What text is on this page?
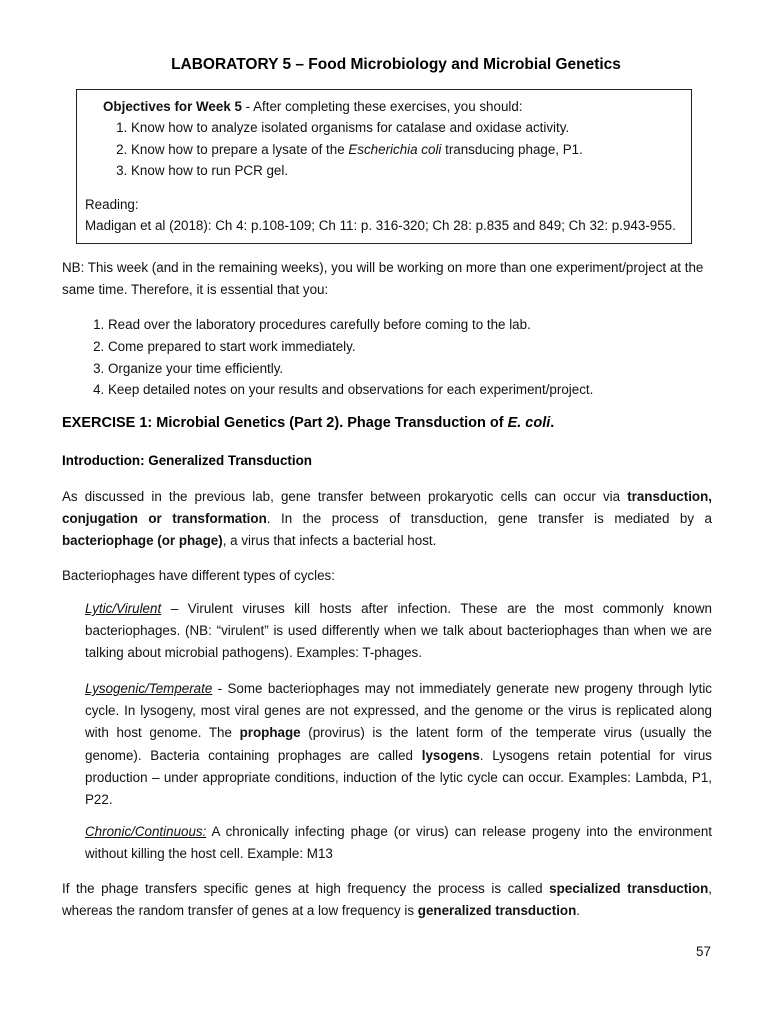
LABORATORY 5 – Food Microbiology and Microbial Genetics
Objectives for Week 5 - After completing these exercises, you should:
1. Know how to analyze isolated organisms for catalase and oxidase activity.
2. Know how to prepare a lysate of the Escherichia coli transducing phage, P1.
3. Know how to run PCR gel.
Reading:
Madigan et al (2018): Ch 4: p.108-109; Ch 11: p. 316-320; Ch 28: p.835 and 849; Ch 32: p.943-955.
NB: This week (and in the remaining weeks), you will be working on more than one experiment/project at the same time. Therefore, it is essential that you:
1. Read over the laboratory procedures carefully before coming to the lab.
2. Come prepared to start work immediately.
3. Organize your time efficiently.
4. Keep detailed notes on your results and observations for each experiment/project.
EXERCISE 1: Microbial Genetics (Part 2). Phage Transduction of E. coli.
Introduction: Generalized Transduction
As discussed in the previous lab, gene transfer between prokaryotic cells can occur via transduction, conjugation or transformation. In the process of transduction, gene transfer is mediated by a bacteriophage (or phage), a virus that infects a bacterial host.
Bacteriophages have different types of cycles:
Lytic/Virulent – Virulent viruses kill hosts after infection. These are the most commonly known bacteriophages. (NB: “virulent” is used differently when we talk about bacteriophages than when we are talking about microbial pathogens). Examples: T-phages.
Lysogenic/Temperate - Some bacteriophages may not immediately generate new progeny through lytic cycle. In lysogeny, most viral genes are not expressed, and the genome or the virus is replicated along with host genome. The prophage (provirus) is the latent form of the temperate virus (usually the genome). Bacteria containing prophages are called lysogens. Lysogens retain potential for virus production – under appropriate conditions, induction of the lytic cycle can occur. Examples: Lambda, P1, P22.
Chronic/Continuous: A chronically infecting phage (or virus) can release progeny into the environment without killing the host cell. Example: M13
If the phage transfers specific genes at high frequency the process is called specialized transduction, whereas the random transfer of genes at a low frequency is generalized transduction.
57
